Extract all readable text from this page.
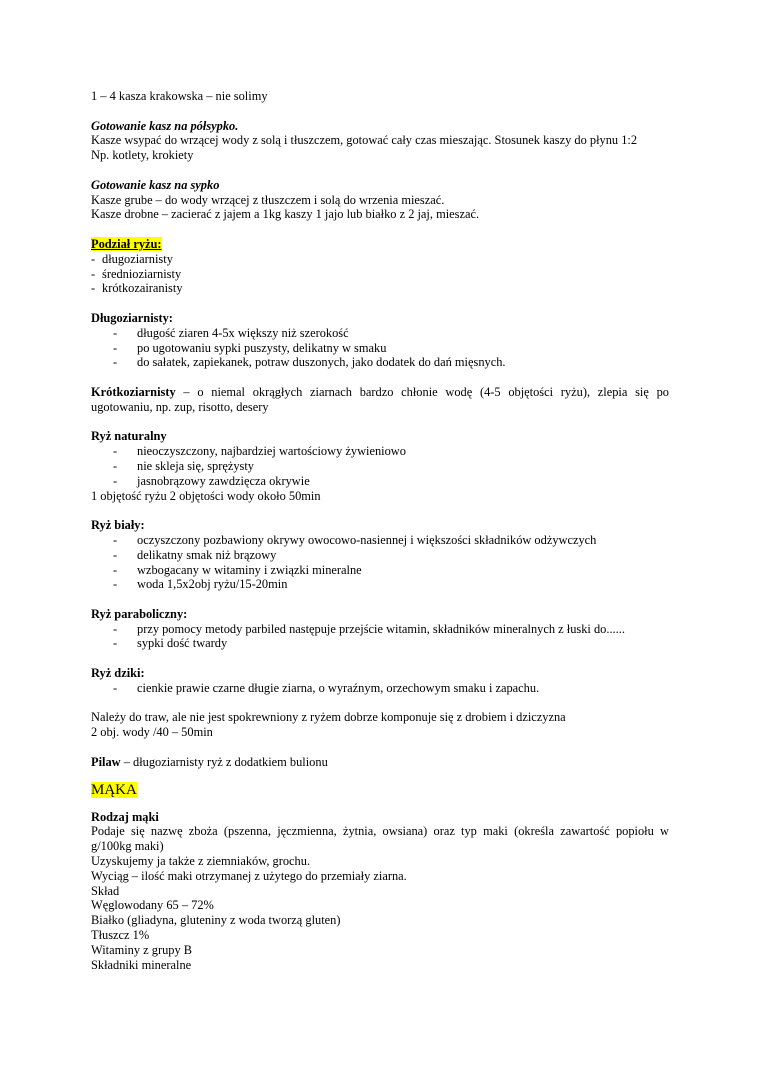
1 – 4 kasza krakowska – nie solimy

Gotowanie kasz na półsypko.

Kasze wsypać do wrzącej wody z solą i tłuszczem, gotować cały czas mieszając. Stosunek kaszy do płynu 1:2

Np. kotlety, krokiety

Gotowanie kasz na sypko

Kasze grube – do wody wrzącej z tłuszczem i solą do wrzenia mieszać.

Kasze drobne – zacierać z jajem a 1kg kaszy 1 jajo lub białko z 2 jaj, mieszać.

Podział ryżu:

- długoziarnisty
- średnioziarnisty
- krótkozairanisty

Długoziarnisty:

- długość ziaren 4-5x większy niż szerokość
- po ugotowaniu sypki puszysty, delikatny w smaku
- do sałatek, zapiekanek, potraw duszonych, jako dodatek do dań mięsnych.

Krótkoziarnisty – o niemal okrągłych ziarnach bardzo chłonie wodę (4-5 objętości ryżu), zlepia się po

ugotowaniu, np. zup, risotto, desery

Ryż naturalny

- nieoczyszczony, najbardziej wartościowy żywieniowo
- nie skleja się, sprężysty
- jasnobrązowy zawdzięcza okrywie

1 objętość ryżu 2 objętości wody około 50min

Ryż biały:

- oczyszczony pozbawiony okrywy owocowo-nasiennej i większości składników odżywczych
- delikatny smak niż brązowy
- wzbogacany w witaminy i związki mineralne
- woda 1,5x2obj ryżu/15-20min

Ryż paraboliczny:

- przy pomocy metody parbiled następuje przejście witamin, składników mineralnych z łuski do......
- sypki dość twardy

Ryż dziki:

- cienkie prawie czarne długie ziarna, o wyraźnym, orzechowym smaku i zapachu.

Należy do traw, ale nie jest spokrewniony z ryżem dobrze komponuje się z drobiem i dziczyzna

2 obj. wody /40 – 50min

Pilaw – długoziarnisty ryż z dodatkiem bulionu

MĄKA

Rodzaj mąki

Podaje się nazwę zboża (pszenna, jęczmienna, żytnia, owsiana) oraz typ maki (określa zawartość popiołu w

g/100kg maki)

Uzyskujemy ja także z ziemniaków, grochu.

Wyciąg – ilość maki otrzymanej z użytego do przemiały ziarna.

Skład

Węglowodany 65 – 72%

Białko (gliadyna, gluteniny z woda tworzą gluten)

Tłuszcz 1%

Witaminy z grupy B

Składniki mineralne
